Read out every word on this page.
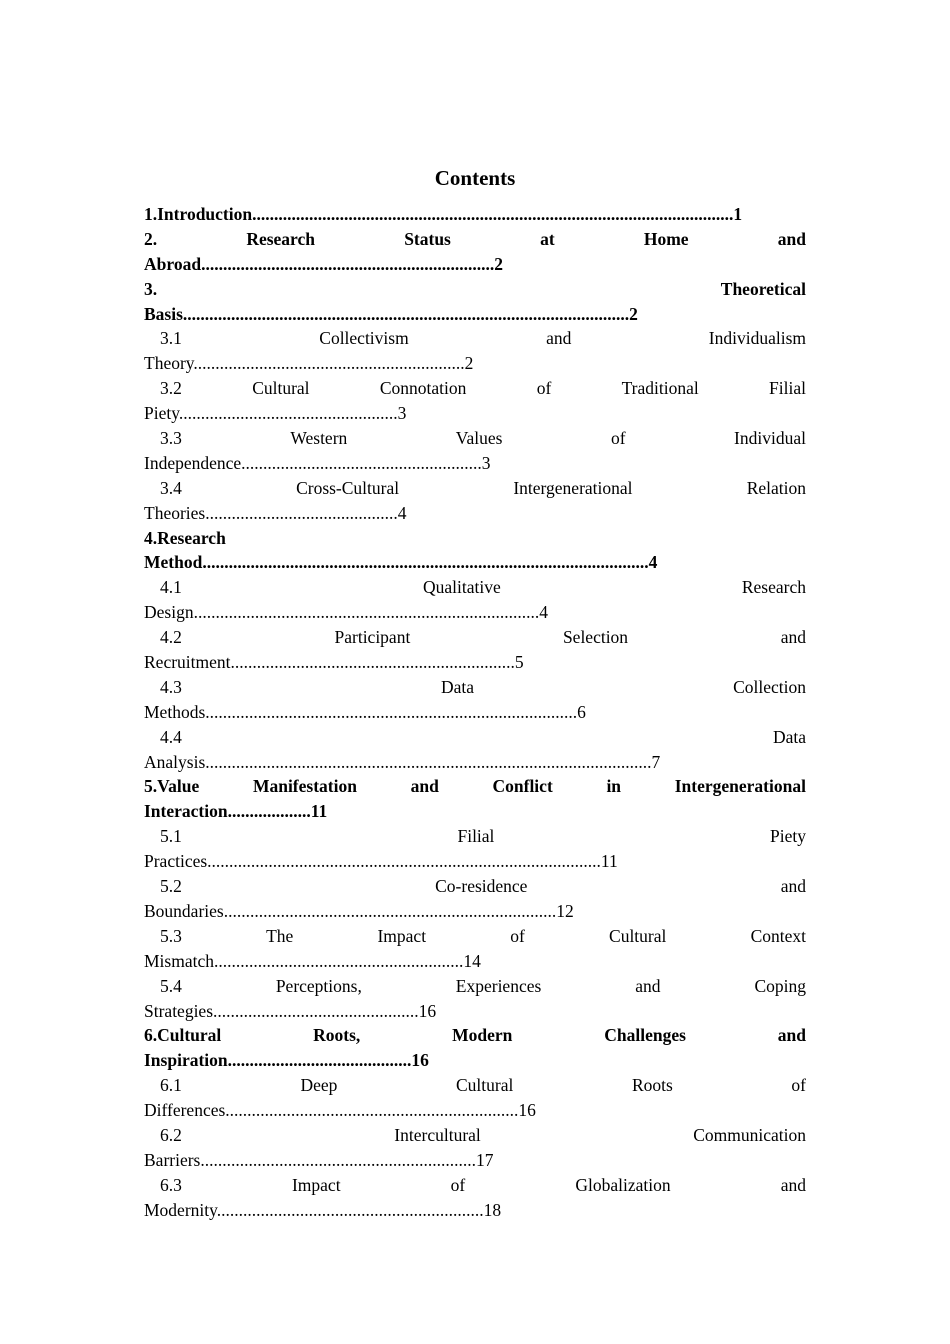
Contents
1.Introduction..............................................................................................................1
2.	Research	Status	at	Home	and
Abroad...................................................................2
3.	Theoretical
Basis......................................................................................................2
3.1	Collectivism	and	Individualism
Theory..............................................................2
3.2	Cultural	Connotation	of	Traditional	Filial
Piety..................................................3
3.3	Western	Values	of	Individual
Independence.......................................................3
3.4	Cross-Cultural	Intergenerational	Relation
Theories............................................4
4.Research
Method......................................................................................................4
4.1	Qualitative	Research
Design...............................................................................4
4.2	Participant	Selection	and
Recruitment.................................................................5
4.3	Data	Collection
Methods.....................................................................................6
4.4	Data
Analysis......................................................................................................7
5.Value	Manifestation	and	Conflict	in	Intergenerational
Interaction...................11
5.1	Filial	Piety
Practices..........................................................................................11
5.2	Co-residence	and
Boundaries............................................................................12
5.3	The	Impact	of	Cultural	Context
Mismatch.........................................................14
5.4	Perceptions,	Experiences	and	Coping
Strategies...............................................16
6.Cultural	Roots,	Modern	Challenges	and
Inspiration..........................................16
6.1	Deep	Cultural	Roots	of
Differences...................................................................16
6.2	Intercultural	Communication
Barriers...............................................................17
6.3	Impact	of	Globalization	and
Modernity.............................................................18
